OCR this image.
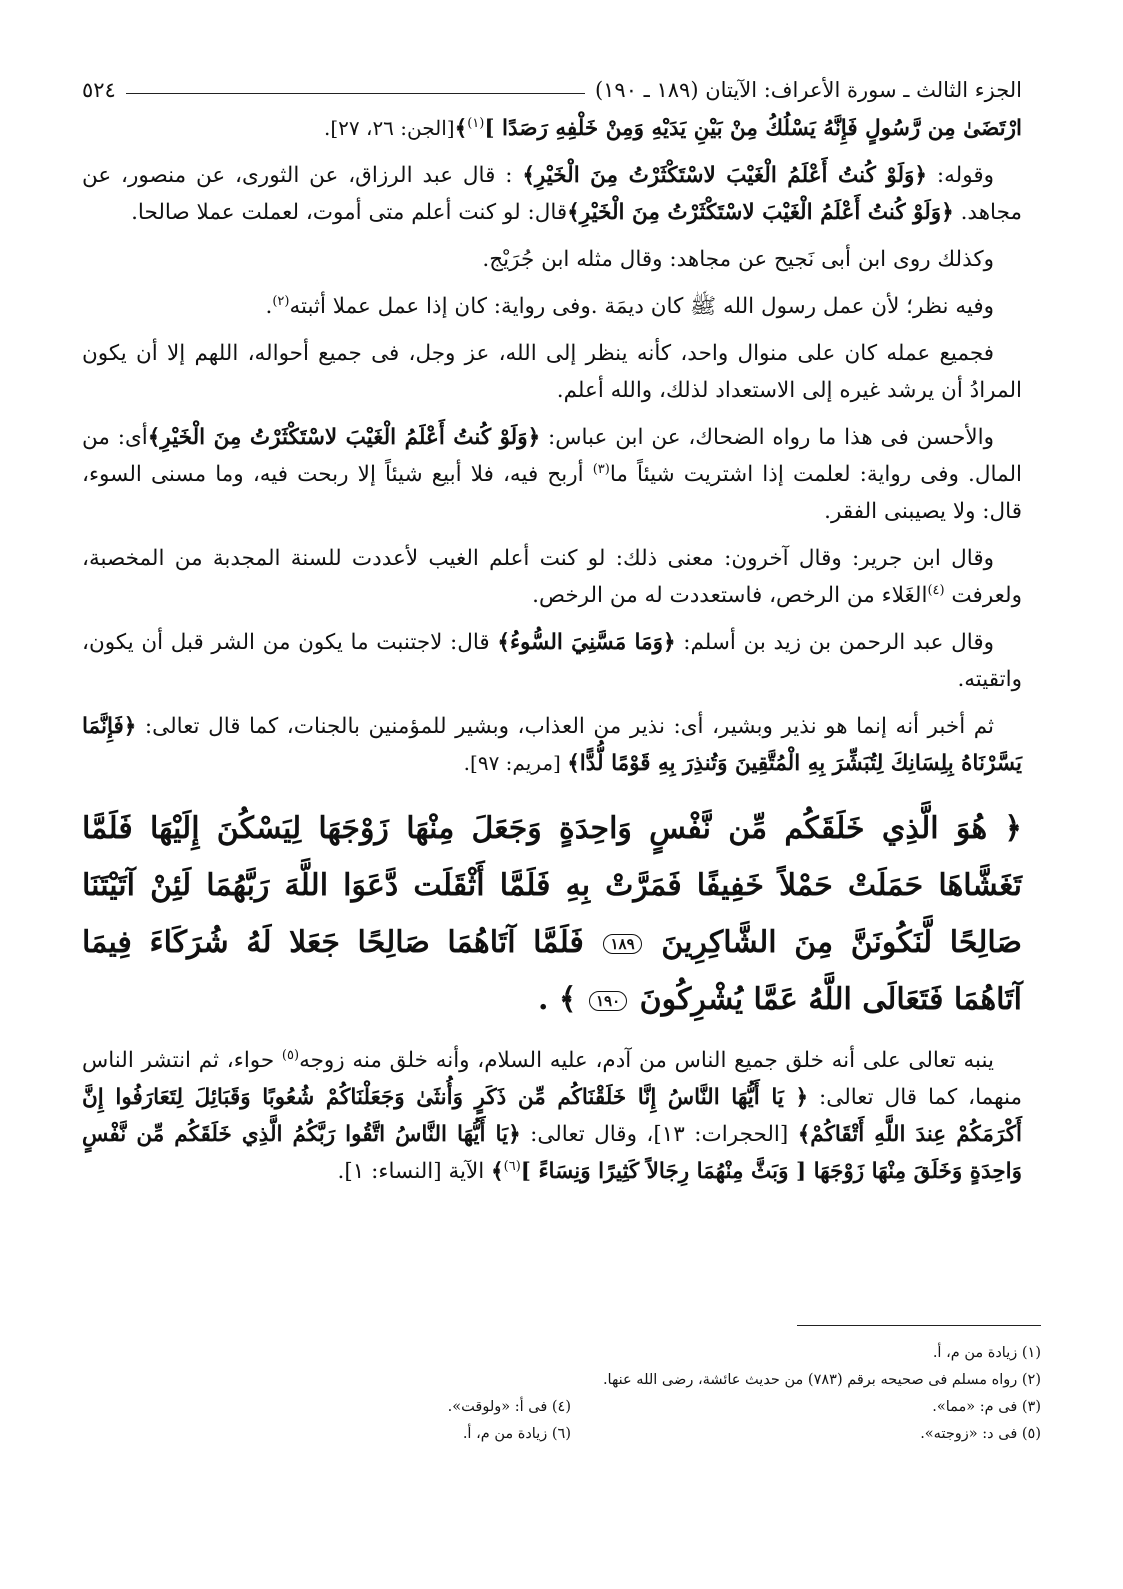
الجزء الثالث ـ سورة الأعراف: الآيتان (١٨٩ ـ ١٩٠)
٥٢٤

ارْتَضَىٰ مِن رَّسُولٍ فَإِنَّهُ يَسْلُكُ مِنْ بَيْنِ يَدَيْهِ وَمِنْ خَلْفِهِ رَصَدًا ]$^{(١)}$﴾[الجن: ٢٦، ٢٧].

وقوله: ﴿وَلَوْ كُنتُ أَعْلَمُ الْغَيْبَ لاسْتَكْثَرْتُ مِنَ الْخَيْرِ﴾ : قال عبد الرزاق، عن الثورى، عن منصور، عن مجاهد. ﴿وَلَوْ كُنتُ أَعْلَمُ الْغَيْبَ لاسْتَكْثَرْتُ مِنَ الْخَيْرِ﴾قال: لو كنت أعلم متى أموت، لعملت عملا صالحا.

وكذلك روى ابن أبى نَجيح عن مجاهد: وقال مثله ابن جُرَيْج.

وفيه نظر؛ لأن عمل رسول الله ﷺ كان ديمَة .وفى رواية: كان إذا عمل عملا أثبته$^{(٢)}$.

فجميع عمله كان على منوال واحد، كأنه ينظر إلى الله، عز وجل، فى جميع أحواله، اللهم إلا أن يكون المرادُ أن يرشد غيره إلى الاستعداد لذلك، والله أعلم.

والأحسن فى هذا ما رواه الضحاك، عن ابن عباس: ﴿وَلَوْ كُنتُ أَعْلَمُ الْغَيْبَ لاسْتَكْثَرْتُ مِنَ الْخَيْرِ﴾أى: من المال. وفى رواية: لعلمت إذا اشتريت شيئاً ما$^{(٣)}$ أربح فيه، فلا أبيع شيئاً إلا ربحت فيه، وما مسنى السوء، قال: ولا يصيبنى الفقر.

وقال ابن جرير: وقال آخرون: معنى ذلك: لو كنت أعلم الغيب لأعددت للسنة المجدبة من المخصبة، ولعرفت $^{(٤)}$الغَلاء من الرخص، فاستعددت له من الرخص.

وقال عبد الرحمن بن زيد بن أسلم: ﴿وَمَا مَسَّنِيَ السُّوءُ﴾ قال: لاجتنبت ما يكون من الشر قبل أن يكون، واتقيته.

ثم أخبر أنه إنما هو نذير وبشير، أى: نذير من العذاب، وبشير للمؤمنين بالجنات، كما قال تعالى: ﴿فَإِنَّمَا يَسَّرْنَاهُ بِلِسَانِكَ لِتُبَشِّرَ بِهِ الْمُتَّقِينَ وَتُنذِرَ بِهِ قَوْمًا لُّدًّا﴾ [مريم: ٩٧].

﴿ هُوَ الَّذِي خَلَقَكُم مِّن نَّفْسٍ وَاحِدَةٍ وَجَعَلَ مِنْهَا زَوْجَهَا لِيَسْكُنَ إِلَيْهَا فَلَمَّا تَغَشَّاهَا حَمَلَتْ حَمْلاً خَفِيفًا فَمَرَّتْ بِهِ فَلَمَّا أَثْقَلَت دَّعَوَا اللَّهَ رَبَّهُمَا لَئِنْ آتَيْتَنَا صَالِحًا لَّنَكُونَنَّ مِنَ الشَّاكِرِينَ ١٨٩ فَلَمَّا آتَاهُمَا صَالِحًا جَعَلا لَهُ شُرَكَاءَ فِيمَا آتَاهُمَا فَتَعَالَى اللَّهُ عَمَّا يُشْرِكُونَ ١٩٠ ﴾ .

ينبه تعالى على أنه خلق جميع الناس من آدم، عليه السلام، وأنه خلق منه زوجه$^{(٥)}$ حواء، ثم انتشر الناس منهما، كما قال تعالى: ﴿ يَا أَيُّهَا النَّاسُ إِنَّا خَلَقْنَاكُم مِّن ذَكَرٍ وَأُنثَىٰ وَجَعَلْنَاكُمْ شُعُوبًا وَقَبَائِلَ لِتَعَارَفُوا إِنَّ أَكْرَمَكُمْ عِندَ اللَّهِ أَتْقَاكُمْ﴾ [الحجرات: ١٣]، وقال تعالى: ﴿يَا أَيُّهَا النَّاسُ اتَّقُوا رَبَّكُمُ الَّذِي خَلَقَكُم مِّن نَّفْسٍ وَاحِدَةٍ وَخَلَقَ مِنْهَا زَوْجَهَا [ وَبَثَّ مِنْهُمَا رِجَالاً كَثِيرًا وَنِسَاءً ]$^{(٦)}$﴾ الآية [النساء: ١].

(١) زيادة من م، أ.
(٢) رواه مسلم فى صحيحه برقم (٧٨٣) من حديث عائشة، رضى الله عنها.
(٣) فى م: «مما».
(٤) فى أ: «ولوقت».
(٥) فى د: «زوجته».
(٦) زيادة من م، أ.
